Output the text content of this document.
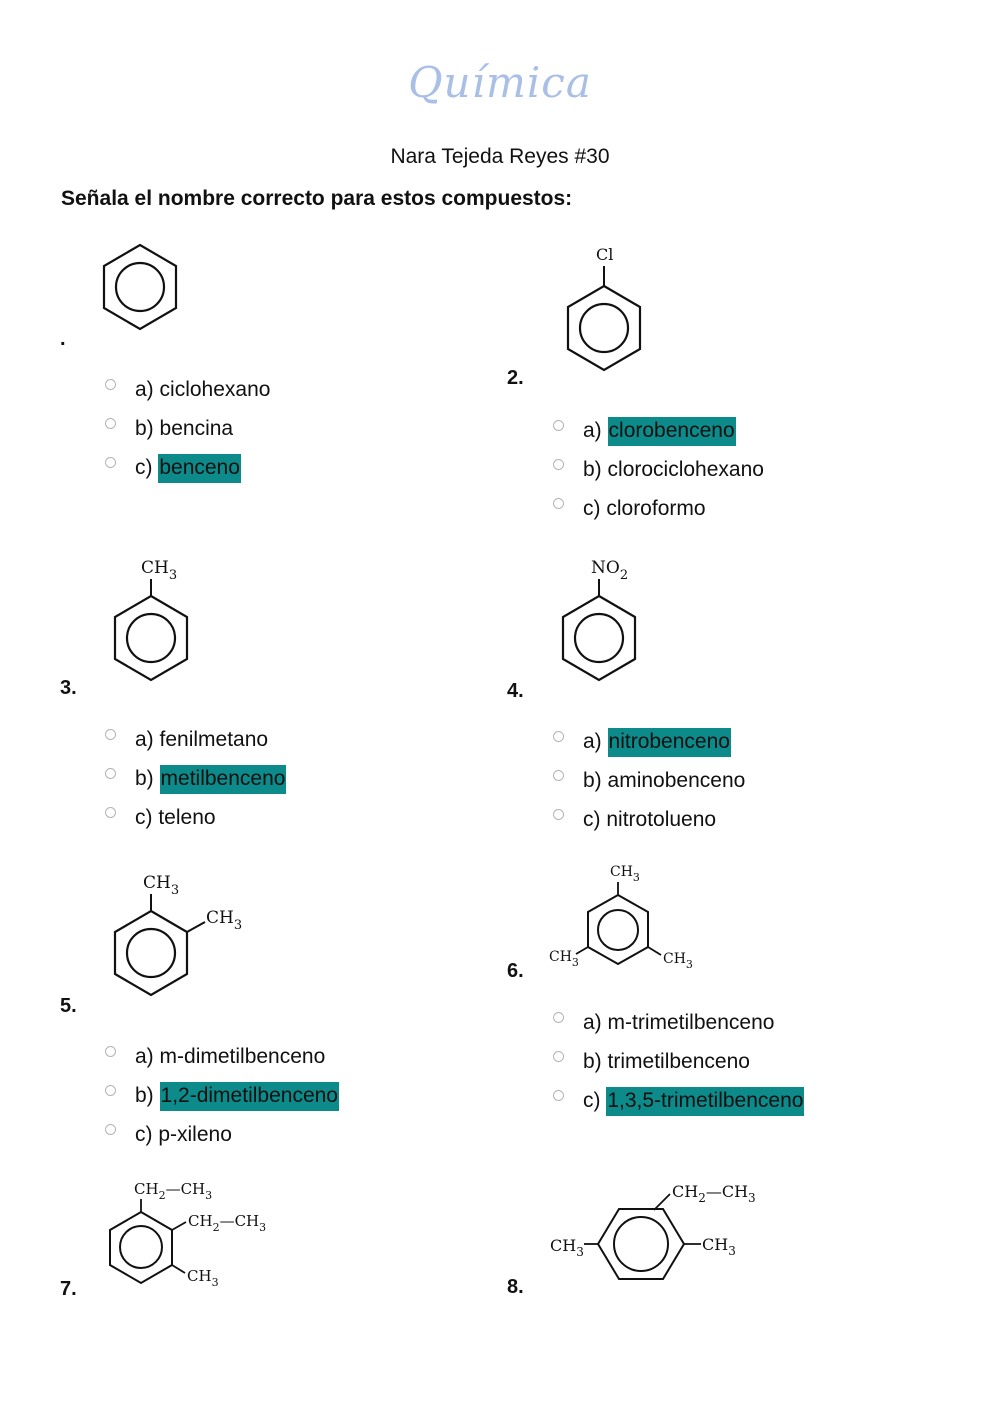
Química
Nara Tejeda Reyes #30
Señala el nombre correcto para estos compuestos:
.
a) ciclohexano
b) bencina
c) benceno
Cl
2.
a) clorobenceno
b) clorociclohexano
c) cloroformo
$CH_3$
3.
a) fenilmetano
b) metilbenceno
c) teleno
$NO_2$
4.
a) nitrobenceno
b) aminobenceno
c) nitrotolueno
$CH_3$
$CH_3$
5.
a) m-dimetilbenceno
b) 1,2-dimetilbenceno
c) p-xileno
$CH_3$
$CH_3$	$CH_3$
6.
a) m-trimetilbenceno
b) trimetilbenceno
c) 1,3,5-trimetilbenceno
$CH_2—CH_3$
$CH_2—CH_3$
$CH_3$
7.
$CH_2—CH_3$
$CH_3$	$CH_3$
8.
